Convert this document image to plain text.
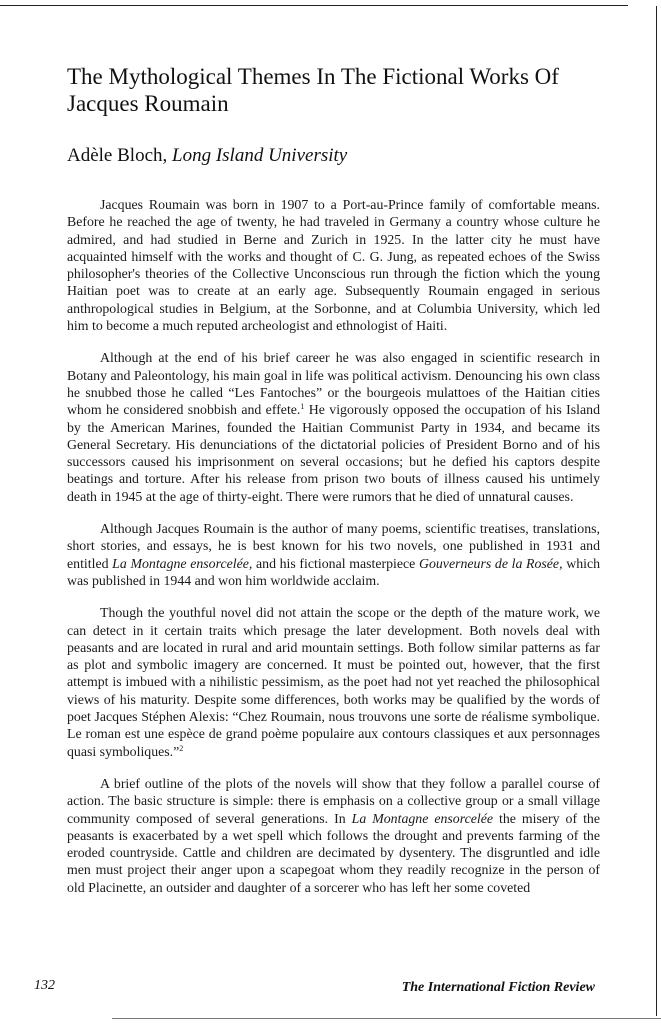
The Mythological Themes In The Fictional Works Of Jacques Roumain
Adèle Bloch, Long Island University

Jacques Roumain was born in 1907 to a Port-au-Prince family of comfortable means. Before he reached the age of twenty, he had traveled in Germany a country whose culture he admired, and had studied in Berne and Zurich in 1925. In the latter city he must have acquainted himself with the works and thought of C. G. Jung, as repeated echoes of the Swiss philosopher's theories of the Collective Unconscious run through the fiction which the young Haitian poet was to create at an early age. Subsequently Roumain engaged in serious anthropological studies in Belgium, at the Sorbonne, and at Columbia University, which led him to become a much reputed archeologist and ethnologist of Haiti.

Although at the end of his brief career he was also engaged in scientific research in Botany and Paleontology, his main goal in life was political activism. Denouncing his own class he snubbed those he called “Les Fantoches” or the bourgeois mulattoes of the Haitian cities whom he considered snobbish and effete.$^1$ He vigorously opposed the occupation of his Island by the American Marines, founded the Haitian Communist Party in 1934, and became its General Secretary. His denunciations of the dictatorial policies of President Borno and of his successors caused his imprisonment on several occasions; but he defied his captors despite beatings and torture. After his release from prison two bouts of illness caused his untimely death in 1945 at the age of thirty-eight. There were rumors that he died of unnatural causes.

Although Jacques Roumain is the author of many poems, scientific treatises, translations, short stories, and essays, he is best known for his two novels, one published in 1931 and entitled La Montagne ensorcelée, and his fictional masterpiece Gouverneurs de la Rosée, which was published in 1944 and won him worldwide acclaim.

Though the youthful novel did not attain the scope or the depth of the mature work, we can detect in it certain traits which presage the later development. Both novels deal with peasants and are located in rural and arid mountain settings. Both follow similar patterns as far as plot and symbolic imagery are concerned. It must be pointed out, however, that the first attempt is imbued with a nihilistic pessimism, as the poet had not yet reached the philosophical views of his maturity. Despite some differences, both works may be qualified by the words of poet Jacques Stéphen Alexis: “Chez Roumain, nous trouvons une sorte de réalisme symbolique. Le roman est une espèce de grand poème populaire aux contours classiques et aux personnages quasi symboliques.”$^2$

A brief outline of the plots of the novels will show that they follow a parallel course of action. The basic structure is simple: there is emphasis on a collective group or a small village community composed of several generations. In La Montagne ensorcelée the misery of the peasants is exacerbated by a wet spell which follows the drought and prevents farming of the eroded countryside. Cattle and children are decimated by dysentery. The disgruntled and idle men must project their anger upon a scapegoat whom they readily recognize in the person of old Placinette, an outsider and daughter of a sorcerer who has left her some coveted

132	The International Fiction Review
